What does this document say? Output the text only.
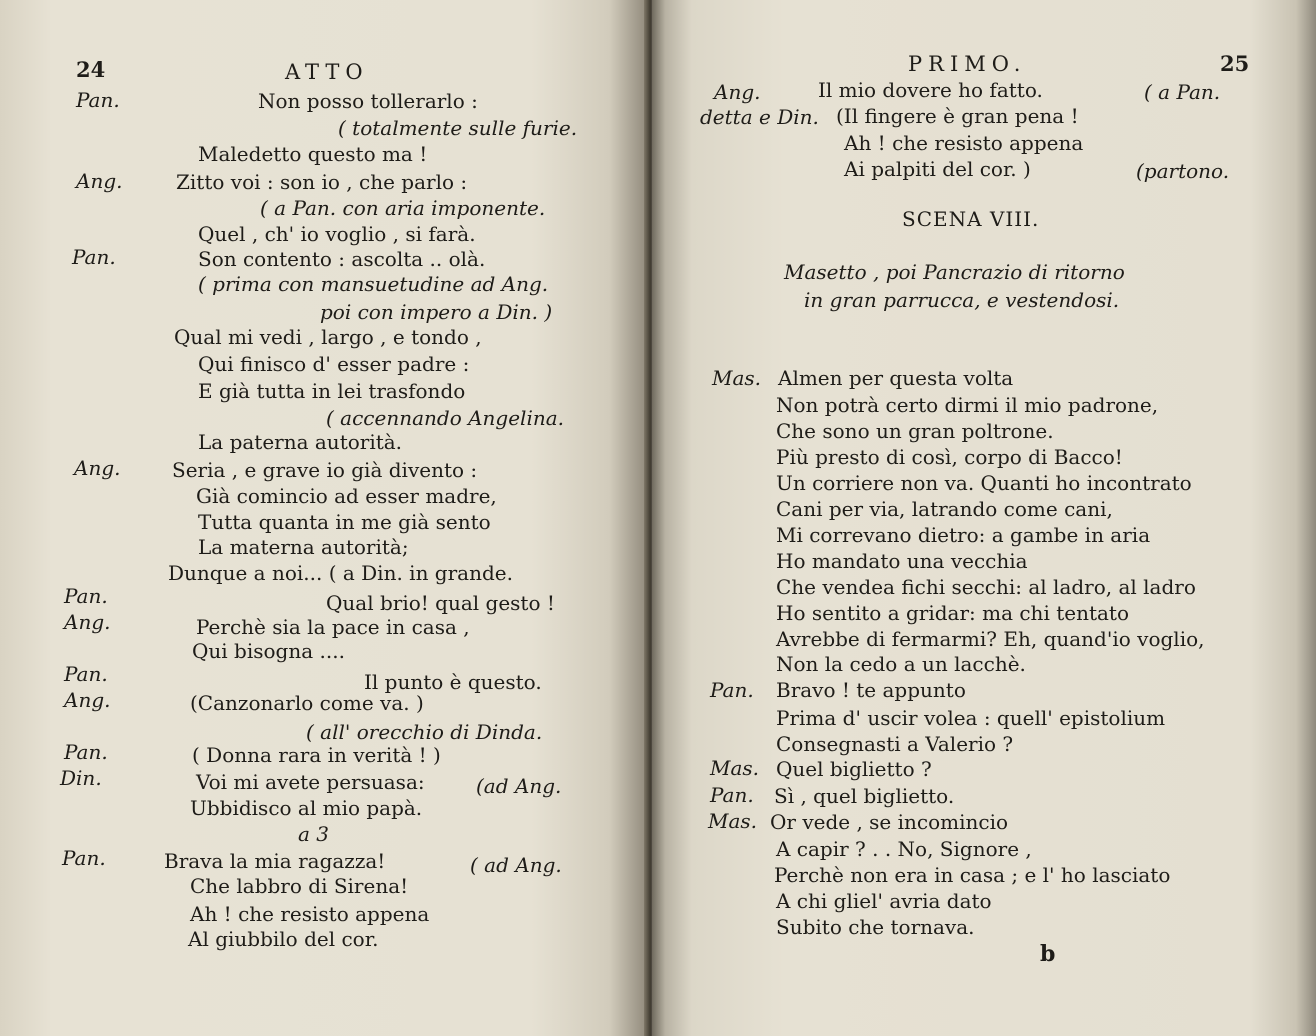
24	ATTO
Pan.	Non posso tollerarlo :
( totalmente sulle furie.
Maledetto questo ma !
Ang.	Zitto voi : son io , che parlo :
( a Pan. con aria imponente.
Quel , ch' io voglio , si farà.
Pan.	Son contento : ascolta .. olà.
( prima con mansuetudine ad Ang.
poi con impero a Din. )
Qual mi vedi , largo , e tondo ,
Qui finisco d' esser padre :
E già tutta in lei trasfondo
( accennando Angelina.
La paterna autorità.
Ang.	Seria , e grave io già divento :
Già comincio ad esser madre,
Tutta quanta in me già sento
La materna autorità;
Dunque a noi... ( a Din. in grande.
Pan.	Qual brio! qual gesto !
Ang.	Perchè sia la pace in casa ,
Qui bisogna ....
Pan.	Il punto è questo.
Ang.	(Canzonarlo come va. )
( all' orecchio di Dinda.
Pan.	( Donna rara in verità ! )
Din.	Voi mi avete persuasa:	(ad Ang.
Ubbidisco al mio papà.
a 3
Pan.	Brava la mia ragazza!	( ad Ang.
Che labbro di Sirena!
Ah ! che resisto appena
Al giubbilo del cor.
PRIMO.	25
Ang.	Il mio dovere ho fatto.	( a Pan.
detta e Din. (Il fingere è gran pena !
Ah ! che resisto appena
Ai palpiti del cor. )	(partono.
SCENA VIII.
Masetto , poi Pancrazio di ritorno
in gran parrucca, e vestendosi.
Mas. Almen per questa volta
Non potrà certo dirmi il mio padrone,
Che sono un gran poltrone.
Più presto di così, corpo di Bacco!
Un corriere non va. Quanti ho incontrato
Cani per via, latrando come cani,
Mi correvano dietro: a gambe in aria
Ho mandato una vecchia
Che vendea fichi secchi: al ladro, al ladro
Ho sentito a gridar: ma chi tentato
Avrebbe di fermarmi? Eh, quand'io voglio,
Non la cedo a un lacchè.
Pan. Bravo ! te appunto
Prima d' uscir volea : quell' epistolium
Consegnasti a Valerio ?
Mas. Quel biglietto ?
Pan. Sì , quel biglietto.
Mas. Or vede , se incomincio
A capir ? . . No, Signore ,
Perchè non era in casa ; e l' ho lasciato
A chi gliel' avria dato
Subito che tornava.
b
